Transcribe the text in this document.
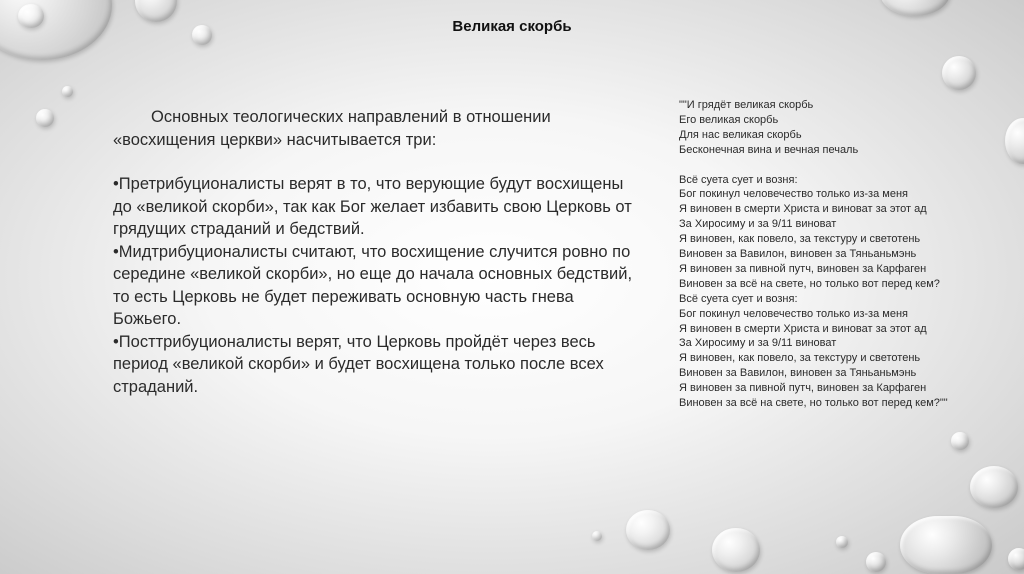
Великая скорбь

Основных теологических направлений в отношении «восхищения церкви» насчитывается три:

•Претрибуционалисты верят в то, что верующие будут восхищены до «великой скорби», так как Бог желает избавить свою Церковь от грядущих страданий и бедствий.

•Мидтрибуционалисты считают, что восхищение случится ровно по середине «великой скорби», но еще до начала основных бедствий, то есть Церковь не будет переживать основную часть гнева Божьего.

•Посттрибуционалисты верят, что Церковь пройдёт через весь период «великой скорби» и будет восхищена только после всех страданий.

""И грядёт великая скорбь
Его великая скорбь
Для нас великая скорбь
Бесконечная вина и вечная печаль
Всё суета сует и возня:
Бог покинул человечество только из-за меня
Я виновен в смерти Христа и виноват за этот ад
За Хиросиму и за 9/11 виноват
Я виновен, как повело, за текстуру и светотень
Виновен за Вавилон, виновен за Тяньаньмэнь
Я виновен за пивной путч, виновен за Карфаген
Виновен за всё на свете, но только вот перед кем?
Всё суета сует и возня:
Бог покинул человечество только из-за меня
Я виновен в смерти Христа и виноват за этот ад
За Хиросиму и за 9/11 виноват
Я виновен, как повело, за текстуру и светотень
Виновен за Вавилон, виновен за Тяньаньмэнь
Я виновен за пивной путч, виновен за Карфаген
Виновен за всё на свете, но только вот перед кем?""
